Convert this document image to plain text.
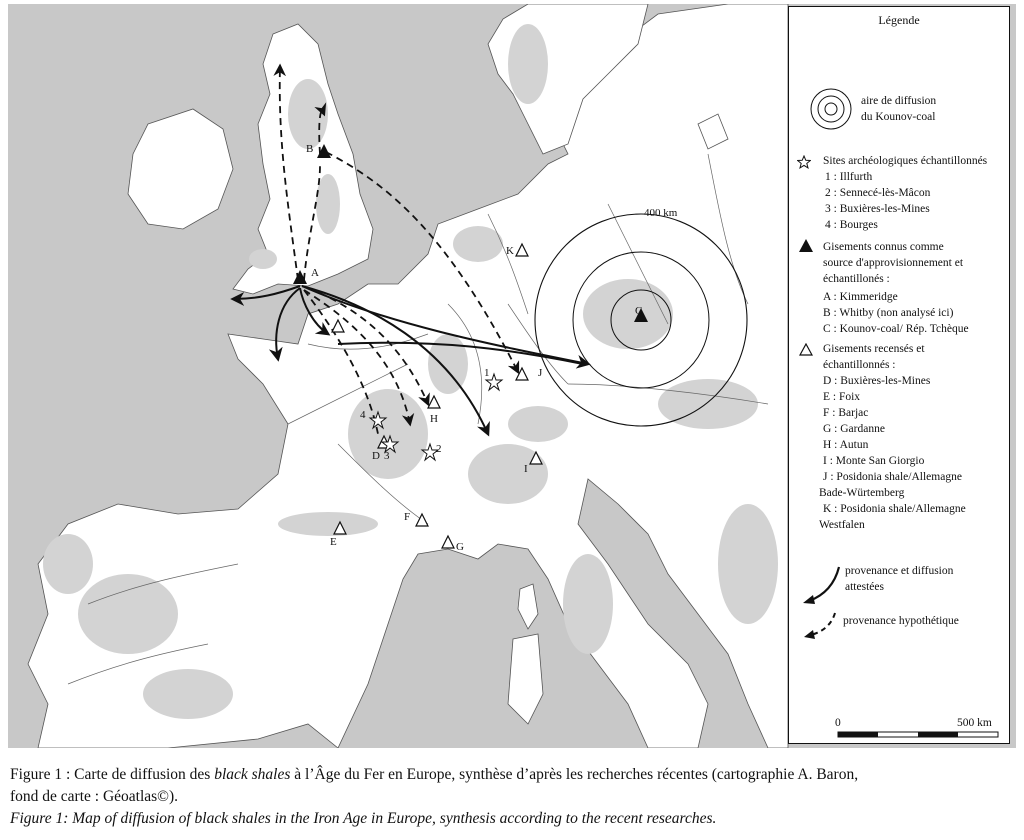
400 km
A
B
C
D
E
F
G
H
I
J
K
1
2
3
4
Légende
aire de diffusion
du Kounov-coal
Sites archéologiques échantillonnés
1 : Illfurth
2 : Sennecé-lès-Mâcon
3 : Buxières-les-Mines
4 : Bourges
Gisements connus comme
source d'approvisionnement et
échantillonés :
A : Kimmeridge
B : Whitby (non analysé ici)
C : Kounov-coal/ Rép. Tchèque
Gisements recensés et
échantillonnés :
D : Buxières-les-Mines
E : Foix
F : Barjac
G : Gardanne
H : Autun
I : Monte San Giorgio
J : Posidonia shale/Allemagne
Bade-Würtemberg
K : Posidonia shale/Allemagne
Westfalen
provenance et diffusion
attestées
provenance hypothétique
0	500 km
Figure 1 : Carte de diffusion des black shales à l’Âge du Fer en Europe, synthèse d’après les recherches récentes (cartographie A. Baron,
fond de carte : Géoatlas©).
Figure 1: Map of diffusion of black shales in the Iron Age in Europe, synthesis according to the recent researches.
